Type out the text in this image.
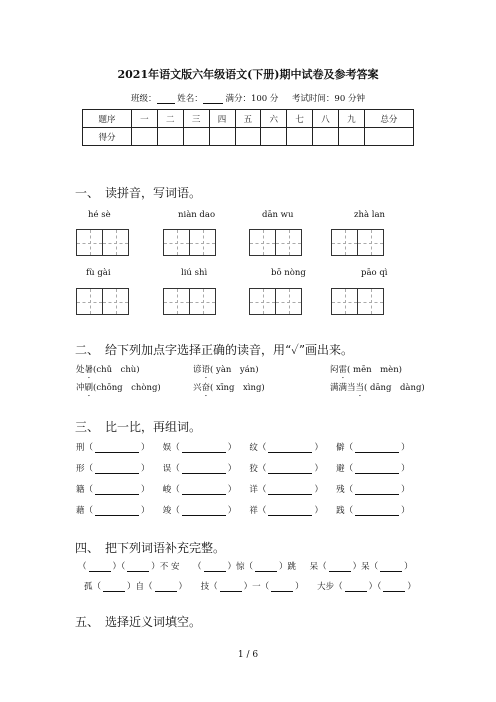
2021年语文版六年级语文(下册)期中试卷及参考答案
班级： 姓名：	满分：100 分 考试时间：90 分钟
题序	一	二	三	四	五	六	七	八	九	总分
得分										
一、　读拼音，写词语。
hé sè	niàn dao	dān wu	zhà lan
fù gài	liú shì	bō nòng	pāo qì
二、　给下列加点字选择正确的读音，用“✓”画出来。
处暑(chǔ　chù)	谚语( yàn　yán)	闷雷( mēn　mèn)
冲刷(chōng　chòng)	兴奋( xīng　xìng)	满满当当( dāng　dàng)
三、　比一比，再组词。
刑（	） 娱（	） 纹（	） 僻（	）
形（	） 误（	） 狡（	） 避（	）
籍（	） 峻（	） 详（	） 残（	）
藉（	） 竣（	） 祥（	） 践（	）
四、　把下列词语补充完整。
（	）（	）不 安 （	）惊（	）跳 呆（	）呆（	）
孤（	）自（	） 技（	）一（	） 大步（	）（	）
五、　选择近义词填空。
1 / 6
